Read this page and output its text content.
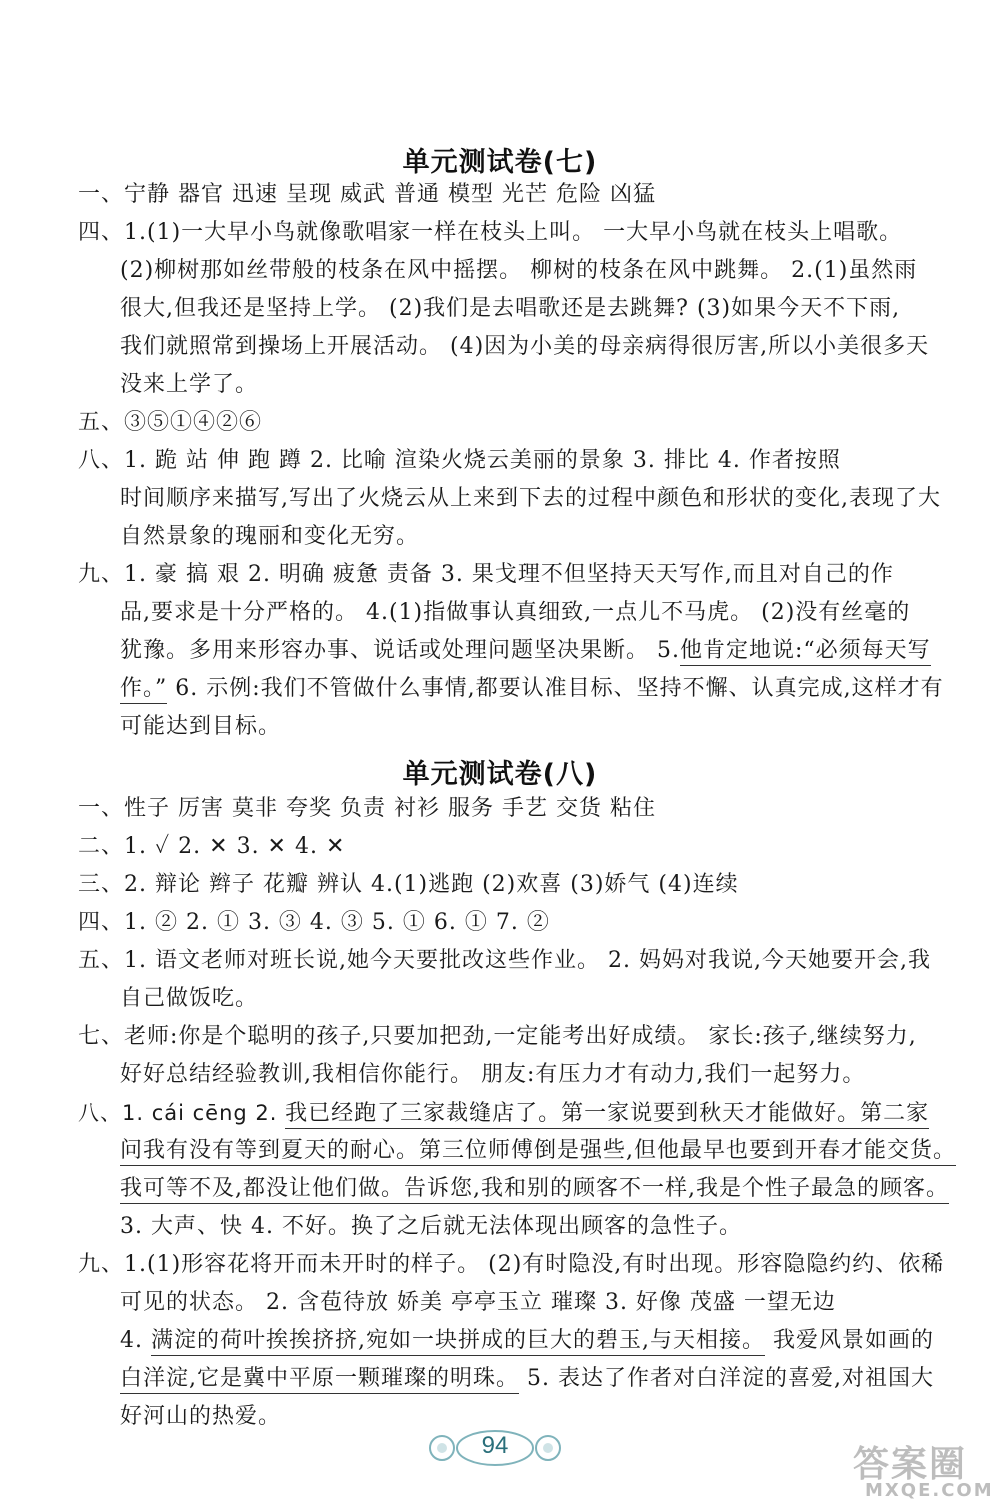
单元测试卷(七)
一、宁静 器官 迅速 呈现 威武 普通 模型 光芒 危险 凶猛
四、1.(1)一大早小鸟就像歌唱家一样在枝头上叫。 一大早小鸟就在枝头上唱歌。
(2)柳树那如丝带般的枝条在风中摇摆。 柳树的枝条在风中跳舞。 2.(1)虽然雨
很大,但我还是坚持上学。 (2)我们是去唱歌还是去跳舞? (3)如果今天不下雨,
我们就照常到操场上开展活动。 (4)因为小美的母亲病得很厉害,所以小美很多天
没来上学了。
五、③⑤①④②⑥
八、1. 跪 站 伸 跑 蹲 2. 比喻 渲染火烧云美丽的景象 3. 排比 4. 作者按照
时间顺序来描写,写出了火烧云从上来到下去的过程中颜色和形状的变化,表现了大
自然景象的瑰丽和变化无穷。
九、1. 豪 搞 艰 2. 明确 疲惫 责备 3. 果戈理不但坚持天天写作,而且对自己的作
品,要求是十分严格的。 4.(1)指做事认真细致,一点儿不马虎。 (2)没有丝毫的
犹豫。多用来形容办事、说话或处理问题坚决果断。 5.他肯定地说:“必须每天写
作。” 6. 示例:我们不管做什么事情,都要认准目标、坚持不懈、认真完成,这样才有
可能达到目标。
单元测试卷(八)
一、性子 厉害 莫非 夸奖 负责 衬衫 服务 手艺 交货 粘住
二、1. ✓ 2. ✕ 3. ✕ 4. ✕
三、2. 辩论 辫子 花瓣 辨认 4.(1)逃跑 (2)欢喜 (3)娇气 (4)连续
四、1. ② 2. ① 3. ③ 4. ③ 5. ① 6. ① 7. ②
五、1. 语文老师对班长说,她今天要批改这些作业。 2. 妈妈对我说,今天她要开会,我
自己做饭吃。
七、老师:你是个聪明的孩子,只要加把劲,一定能考出好成绩。 家长:孩子,继续努力,
好好总结经验教训,我相信你能行。 朋友:有压力才有动力,我们一起努力。
八、1. cái cēng 2. 我已经跑了三家裁缝店了。第一家说要到秋天才能做好。第二家
问我有没有等到夏天的耐心。第三位师傅倒是强些,但他最早也要到开春才能交货。
我可等不及,都没让他们做。告诉您,我和别的顾客不一样,我是个性子最急的顾客。
3. 大声、快 4. 不好。换了之后就无法体现出顾客的急性子。
九、1.(1)形容花将开而未开时的样子。 (2)有时隐没,有时出现。形容隐隐约约、依稀
可见的状态。 2. 含苞待放 娇美 亭亭玉立 璀璨 3. 好像 茂盛 一望无边
4. 满淀的荷叶挨挨挤挤,宛如一块拼成的巨大的碧玉,与天相接。 我爱风景如画的
白洋淀,它是冀中平原一颗璀璨的明珠。 5. 表达了作者对白洋淀的喜爱,对祖国大
好河山的热爱。
94	答案圈
MXQE.COM
